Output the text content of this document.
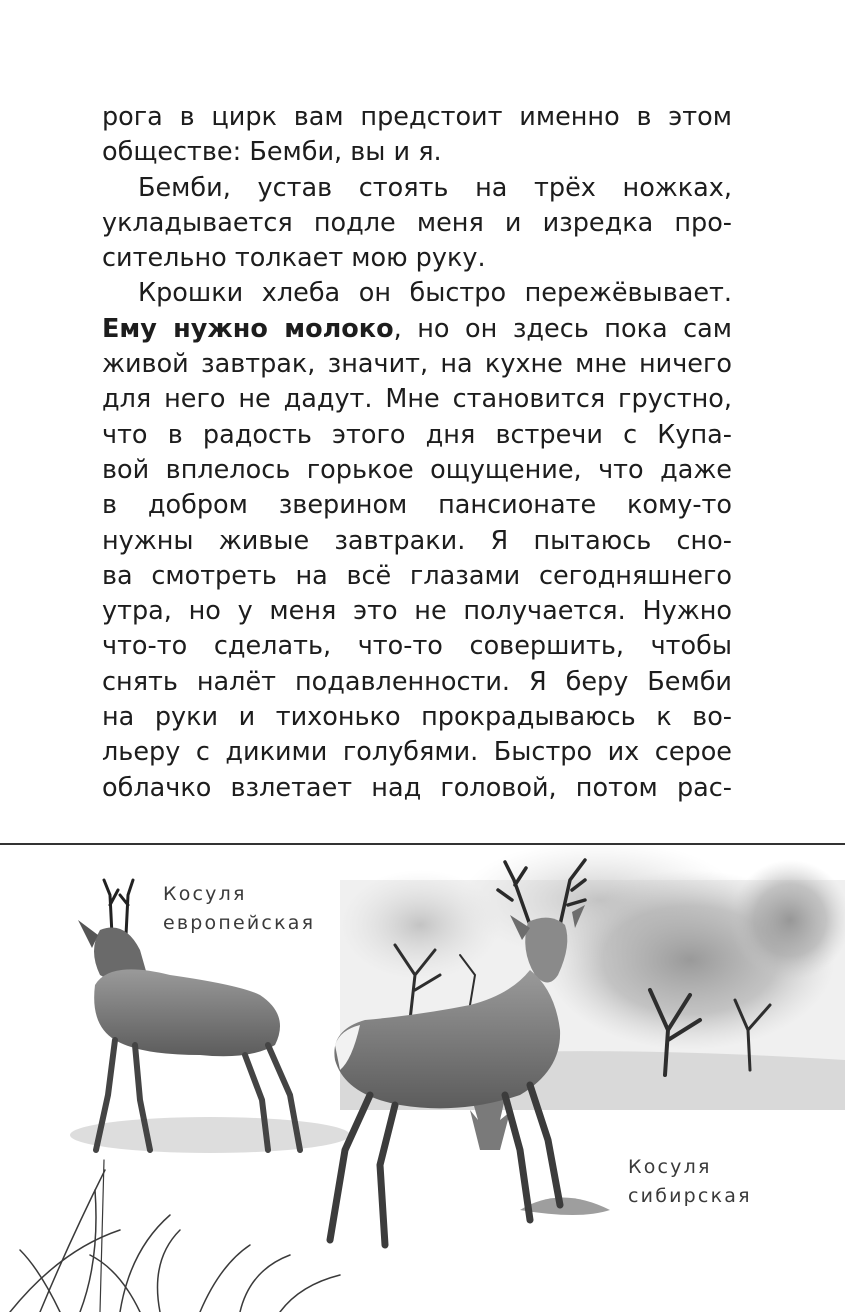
рога в цирк вам предстоит именно в этом
обществе: Бемби, вы и я.
Бемби, устав стоять на трёх ножках,
укладывается подле меня и изредка про-
сительно толкает мою руку.
Крошки хлеба он быстро пережёвывает.
Ему нужно молоко, но он здесь пока сам
живой завтрак, значит, на кухне мне ничего
для него не дадут. Мне становится грустно,
что в радость этого дня встречи с Купа-
вой вплелось горькое ощущение, что даже
в добром зверином пансионате кому-то
нужны живые завтраки. Я пытаюсь сно-
ва смотреть на всё глазами сегодняшнего
утра, но у меня это не получается. Нужно
что-то сделать, что-то совершить, чтобы
снять налёт подавленности. Я беру Бемби
на руки и тихонько прокрадываюсь к во-
льеру с дикими голубями. Быстро их серое
облачко взлетает над головой, потом рас-
Косуля
европейская
Косуля
сибирская
